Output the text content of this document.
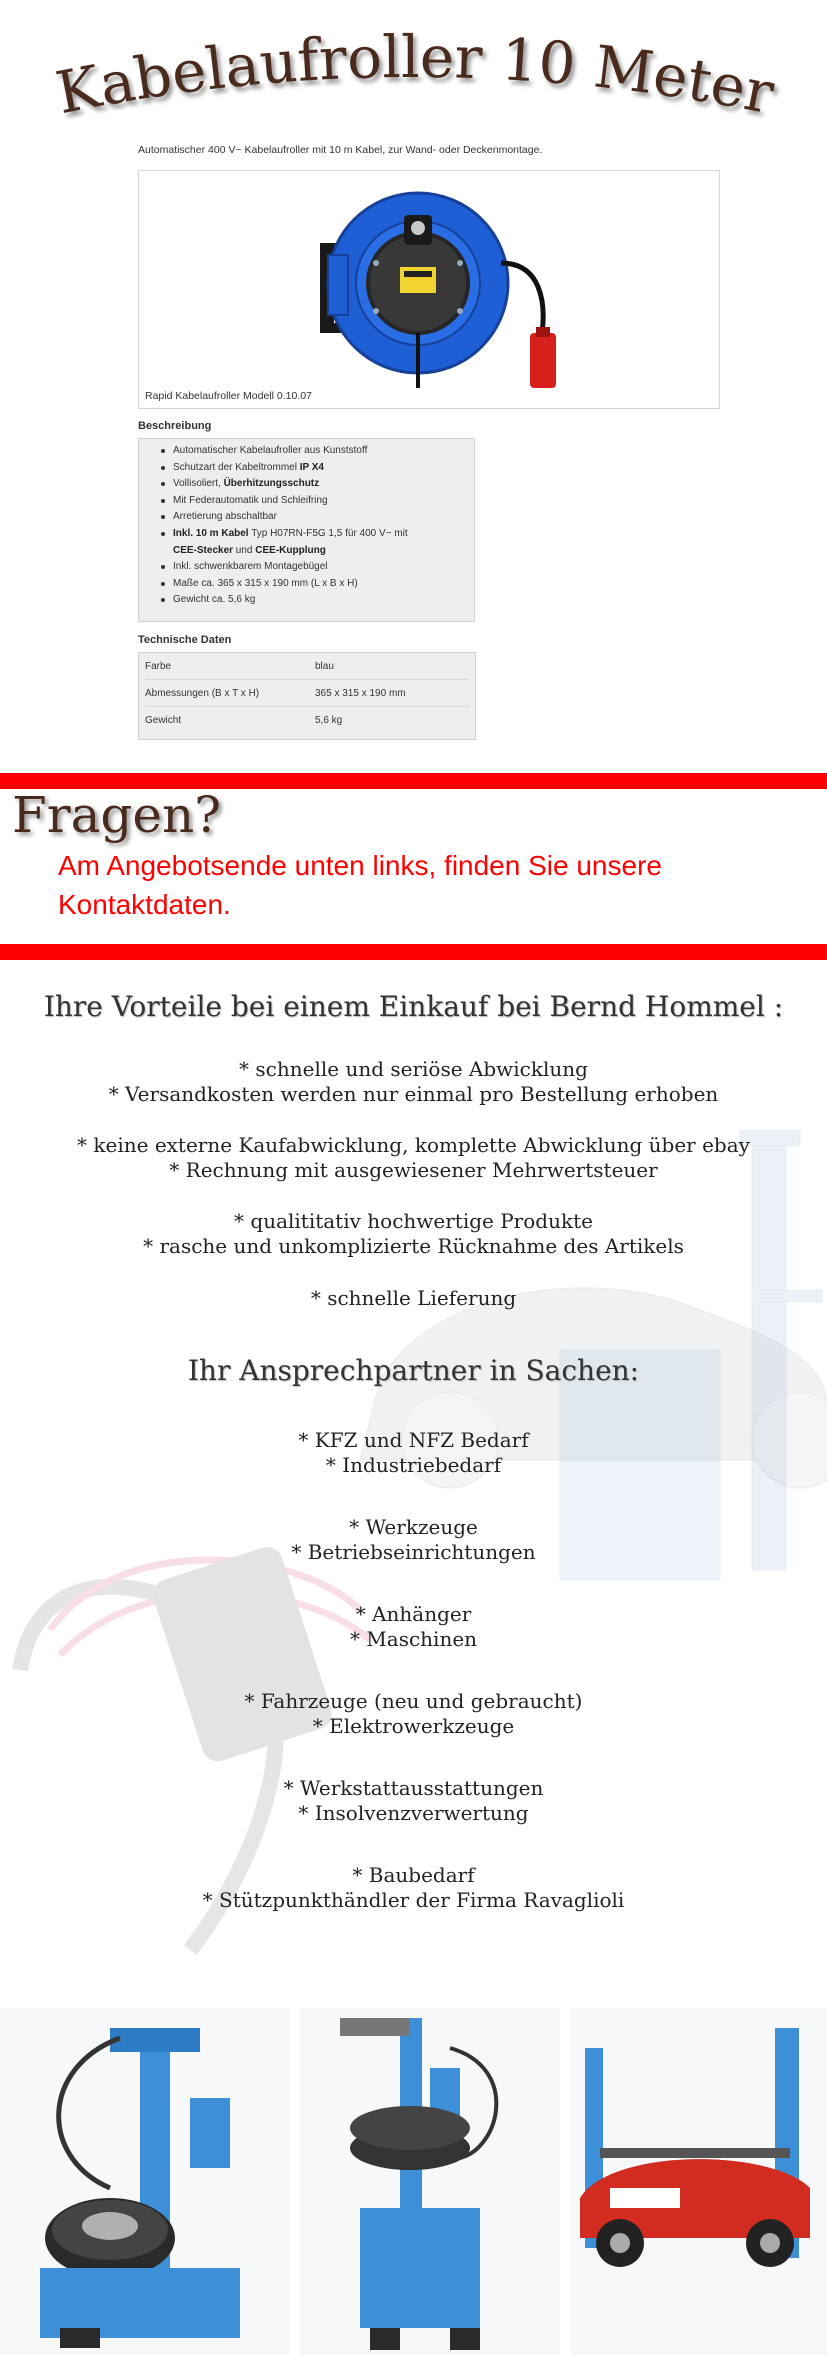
Kabelaufroller 10 Meter
Automatischer 400 V~ Kabelaufroller mit 10 m Kabel, zur Wand- oder Deckenmontage.
Rapid Kabelaufroller Modell 0.10.07
Beschreibung
Automatischer Kabelaufroller aus Kunststoff
Schutzart der Kabeltrommel IP X4
Vollisoliert, Überhitzungsschutz
Mit Federautomatik und Schleifring
Arretierung abschaltbar
Inkl. 10 m Kabel Typ H07RN-F5G 1,5 für 400 V~ mit
CEE-Stecker und CEE-Kupplung
Inkl. schwenkbarem Montagebügel
Maße ca. 365 x 315 x 190 mm (L x B x H)
Gewicht ca. 5,6 kg
Technische Daten
Farbe	blau
Abmessungen (B x T x H)	365 x 315 x 190 mm
Gewicht	5,6 kg
Fragen?
Am Angebotsende unten links, finden Sie unsere
Kontaktdaten.
Ihre Vorteile bei einem Einkauf bei Bernd Hommel :
* schnelle und seriöse Abwicklung
* Versandkosten werden nur einmal pro Bestellung erhoben
* keine externe Kaufabwicklung, komplette Abwicklung über ebay
* Rechnung mit ausgewiesener Mehrwertsteuer
* qualititativ hochwertige Produkte
* rasche und unkomplizierte Rücknahme des Artikels
* schnelle Lieferung
Ihr Ansprechpartner in Sachen:
* KFZ und NFZ Bedarf
* Industriebedarf
* Werkzeuge
* Betriebseinrichtungen
* Anhänger
* Maschinen
* Fahrzeuge (neu und gebraucht)
* Elektrowerkzeuge
* Werkstattausstattungen
* Insolvenzverwertung
* Baubedarf
* Stützpunkthändler der Firma Ravaglioli
